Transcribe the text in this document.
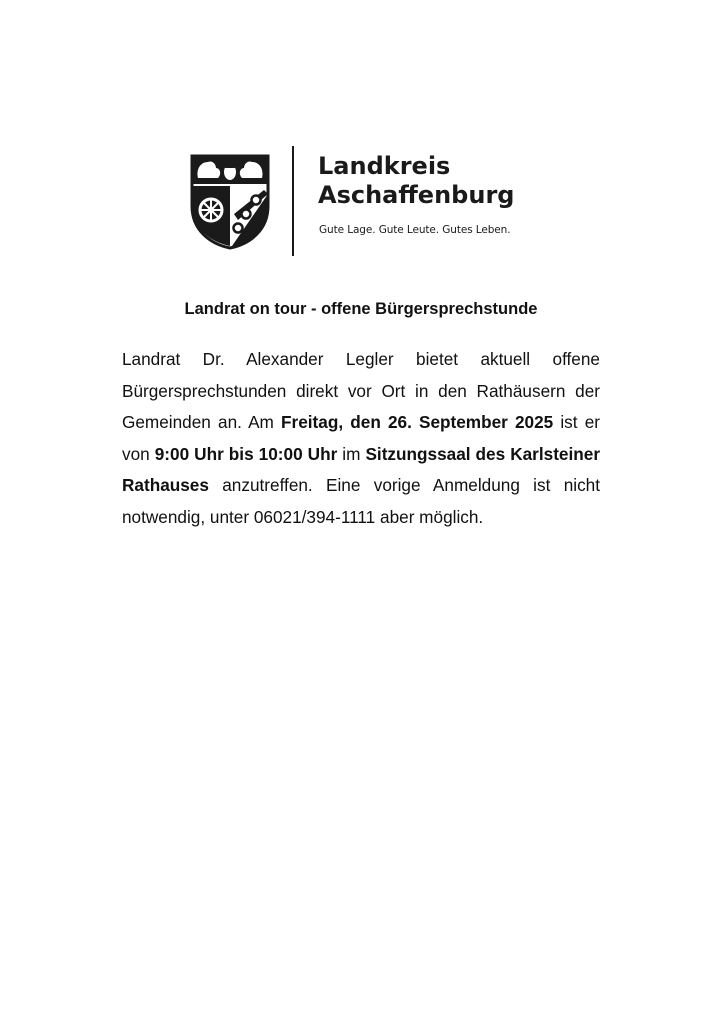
Landkreis
Aschaffenburg
Gute Lage. Gute Leute. Gutes Leben.
Landrat on tour - offene Bürgersprechstunde

Landrat Dr. Alexander Legler bietet aktuell offene Bürgersprechstunden direkt vor Ort in den Rathäusern der Gemeinden an. Am Freitag, den 26. September 2025 ist er von 9:00 Uhr bis 10:00 Uhr im Sitzungssaal des Karlsteiner Rathauses anzutreffen. Eine vorige Anmeldung ist nicht notwendig, unter 06021/394-1111 aber möglich.
